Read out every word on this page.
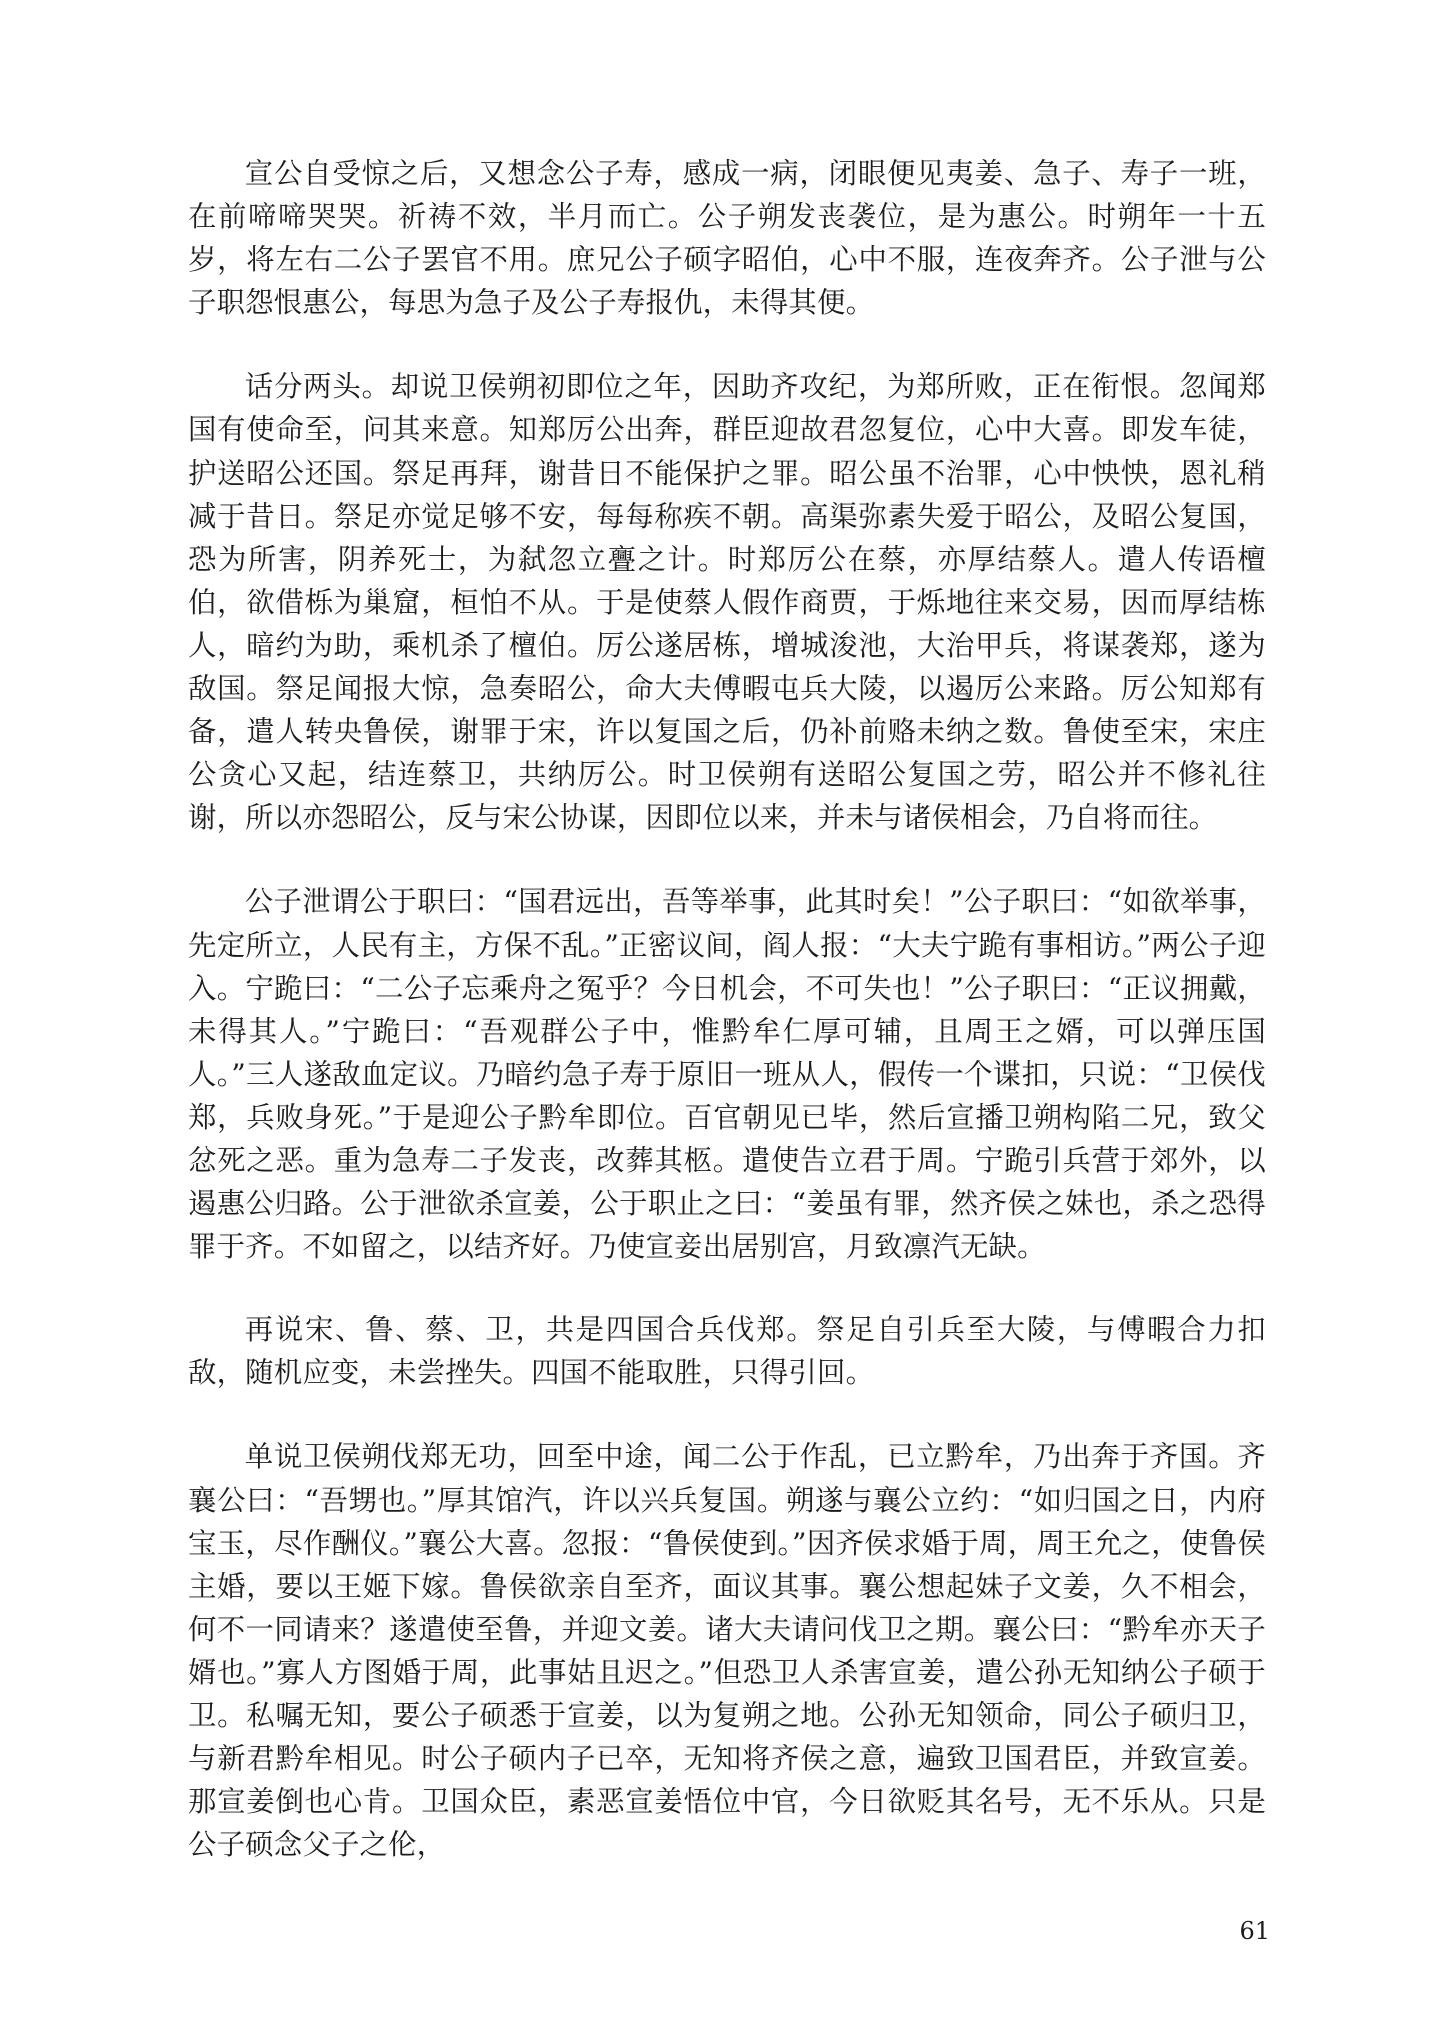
宣公自受惊之后，又想念公子寿，感成一病，闭眼便见夷姜、急子、寿子一班，在前啼啼哭哭。祈祷不效，半月而亡。公子朔发丧袭位，是为惠公。时朔年一十五岁，将左右二公子罢官不用。庶兄公子硕字昭伯，心中不服，连夜奔齐。公子泄与公子职怨恨惠公，每思为急子及公子寿报仇，未得其便。

话分两头。却说卫侯朔初即位之年，因助齐攻纪，为郑所败，正在衔恨。忽闻郑国有使命至，问其来意。知郑厉公出奔，群臣迎故君忽复位，心中大喜。即发车徒，护送昭公还国。祭足再拜，谢昔日不能保护之罪。昭公虽不治罪，心中怏怏，恩礼稍减于昔日。祭足亦觉足够不安，每每称疾不朝。高渠弥素失爱于昭公，及昭公复国，恐为所害，阴养死士，为弑忽立亹之计。时郑厉公在蔡，亦厚结蔡人。遣人传语檀伯，欲借栎为巢窟，桓怕不从。于是使蔡人假作商贾，于烁地往来交易，因而厚结栋人，暗约为助，乘机杀了檀伯。厉公遂居栋，增城浚池，大治甲兵，将谋袭郑，遂为敌国。祭足闻报大惊，急奏昭公，命大夫傅暇屯兵大陵，以遏厉公来路。厉公知郑有备，遣人转央鲁侯，谢罪于宋，许以复国之后，仍补前赂未纳之数。鲁使至宋，宋庄公贪心又起，结连蔡卫，共纳厉公。时卫侯朔有送昭公复国之劳，昭公并不修礼往谢，所以亦怨昭公，反与宋公协谋，因即位以来，并未与诸侯相会，乃自将而往。

公子泄谓公于职曰：“国君远出，吾等举事，此其时矣！”公子职曰：“如欲举事，先定所立，人民有主，方保不乱。”正密议间，阎人报：“大夫宁跪有事相访。”两公子迎入。宁跪曰：“二公子忘乘舟之冤乎？今日机会，不可失也！”公子职曰：“正议拥戴，未得其人。”宁跪曰：“吾观群公子中，惟黔牟仁厚可辅，且周王之婿，可以弹压国人。”三人遂敌血定议。乃暗约急子寿于原旧一班从人，假传一个谍扣，只说：“卫侯伐郑，兵败身死。”于是迎公子黔牟即位。百官朝见已毕，然后宣播卫朔构陷二兄，致父忿死之恶。重为急寿二子发丧，改葬其柩。遣使告立君于周。宁跪引兵营于郊外，以遏惠公归路。公于泄欲杀宣姜，公于职止之曰：“姜虽有罪，然齐侯之妹也，杀之恐得罪于齐。不如留之，以结齐好。乃使宣妾出居别宫，月致凛汽无缺。

再说宋、鲁、蔡、卫，共是四国合兵伐郑。祭足自引兵至大陵，与傅暇合力扣敌，随机应变，未尝挫失。四国不能取胜，只得引回。

单说卫侯朔伐郑无功，回至中途，闻二公于作乱，已立黔牟，乃出奔于齐国。齐襄公曰：“吾甥也。”厚其馆汽，许以兴兵复国。朔遂与襄公立约：“如归国之日，内府宝玉，尽作酬仪。”襄公大喜。忽报：“鲁侯使到。”因齐侯求婚于周，周王允之，使鲁侯主婚，要以王姬下嫁。鲁侯欲亲自至齐，面议其事。襄公想起妹子文姜，久不相会，何不一同请来？遂遣使至鲁，并迎文姜。诸大夫请问伐卫之期。襄公曰：“黔牟亦天子婿也。”寡人方图婚于周，此事姑且迟之。”但恐卫人杀害宣姜，遣公孙无知纳公子硕于卫。私嘱无知，要公子硕悉于宣姜，以为复朔之地。公孙无知领命，同公子硕归卫，与新君黔牟相见。时公子硕内子已卒，无知将齐侯之意，遍致卫国君臣，并致宣姜。那宣姜倒也心肯。卫国众臣，素恶宣姜悟位中官，今日欲贬其名号，无不乐从。只是公子硕念父子之伦，

61
